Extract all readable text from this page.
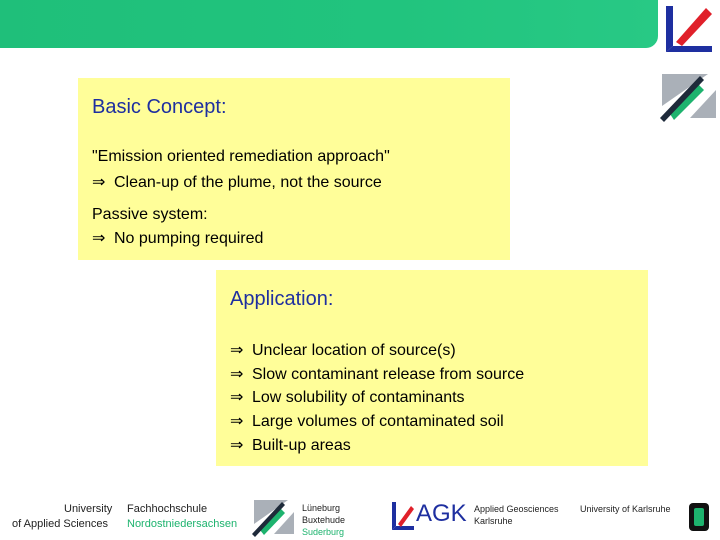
Basic Concept:
"Emission oriented remediation approach"
⇒ Clean-up of the plume, not the source
Passive system:
⇒ No pumping required
Application:
⇒ Unclear location of source(s)
⇒ Slow contaminant release from source
⇒ Low solubility of contaminants
⇒ Large volumes of contaminated soil
⇒ Built-up areas
University
of Applied Sciences
Fachhochschule
Nordostniedersachsen
Lüneburg
Buxtehude
Suderburg
AGK Applied Geosciences
Karlsruhe
University of Karlsruhe
